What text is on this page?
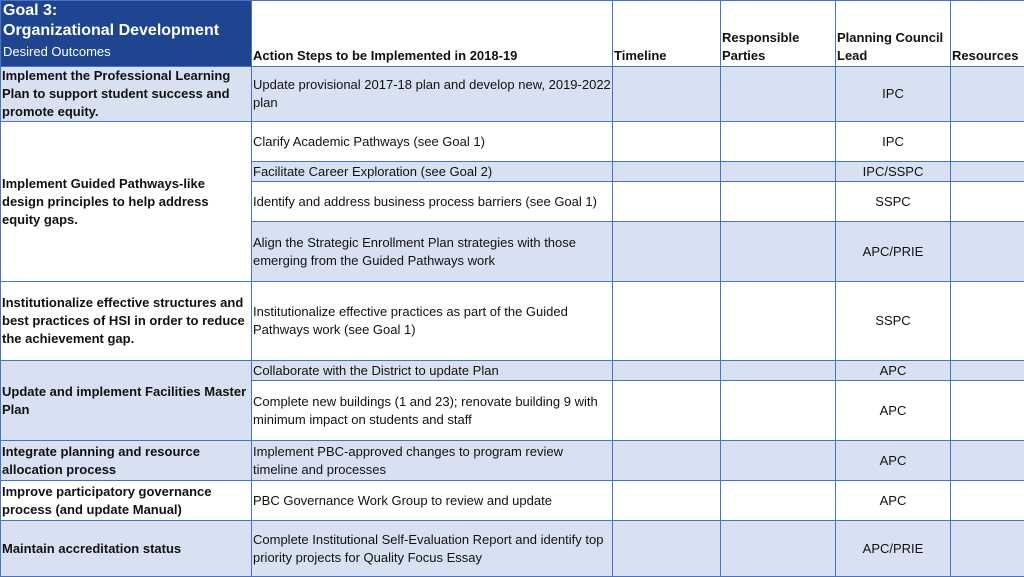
Goal 3:
Organizational Development
Desired Outcomes	Action Steps to be Implemented in 2018-19	Timeline	Responsible Parties	Planning Council Lead	Resources
Implement the Professional Learning Plan to support student success and promote equity.	Update provisional 2017-18 plan and develop new, 2019-2022 plan			IPC	
Implement Guided Pathways-like design principles to help address equity gaps.	Clarify Academic Pathways (see Goal 1)			IPC	
	Facilitate Career Exploration (see Goal 2)			IPC/SSPC	
	Identify and address business process barriers (see Goal 1)			SSPC	
	Align the Strategic Enrollment Plan strategies with those emerging from the Guided Pathways work			APC/PRIE	
Institutionalize effective structures and best practices of HSI in order to reduce the achievement gap.	Institutionalize effective practices as part of the Guided Pathways work (see Goal 1)			SSPC	
Update and implement Facilities Master Plan	Collaborate with the District to update Plan			APC	
	Complete new buildings (1 and 23); renovate building 9 with minimum impact on students and staff			APC	
Integrate planning and resource allocation process	Implement PBC-approved changes to program review timeline and processes			APC	
Improve participatory governance process (and update Manual)	PBC Governance Work Group to review and update			APC	
Maintain accreditation status	Complete Institutional Self-Evaluation Report and identify top priority projects for Quality Focus Essay			APC/PRIE	
